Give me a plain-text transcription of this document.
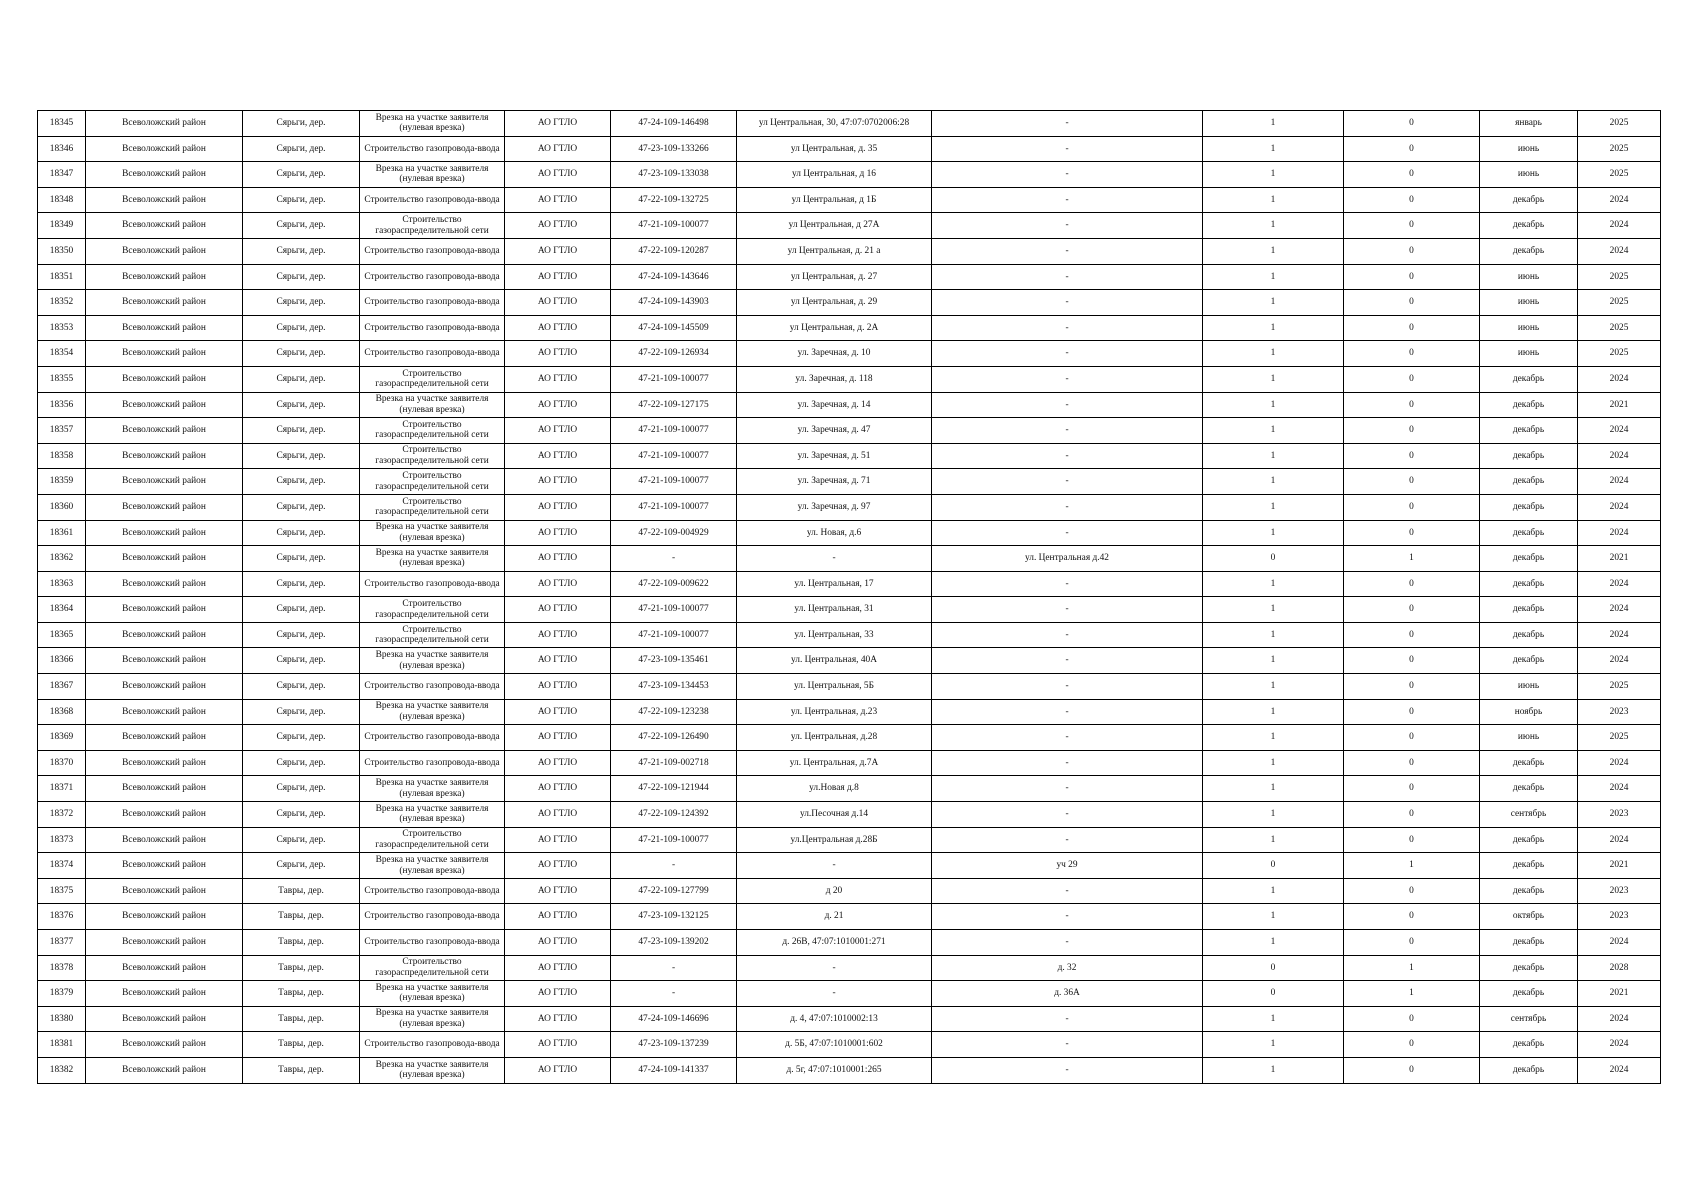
18345	Всеволожский район	Сярьги, дер.	Врезка на участке заявителя (нулевая врезка)	АО ГТЛО	47-24-109-146498	ул Центральная, 30, 47:07:0702006:28	-	1	0	январь	2025
18346	Всеволожский район	Сярьги, дер.	Строительство газопровода-ввода	АО ГТЛО	47-23-109-133266	ул Центральная, д. 35	-	1	0	июнь	2025
18347	Всеволожский район	Сярьги, дер.	Врезка на участке заявителя (нулевая врезка)	АО ГТЛО	47-23-109-133038	ул Центральная, д 16	-	1	0	июнь	2025
18348	Всеволожский район	Сярьги, дер.	Строительство газопровода-ввода	АО ГТЛО	47-22-109-132725	ул Центральная, д 1Б	-	1	0	декабрь	2024
18349	Всеволожский район	Сярьги, дер.	Строительство газораспределительной сети	АО ГТЛО	47-21-109-100077	ул Центральная, д 27А	-	1	0	декабрь	2024
18350	Всеволожский район	Сярьги, дер.	Строительство газопровода-ввода	АО ГТЛО	47-22-109-120287	ул Центральная, д. 21 а	-	1	0	декабрь	2024
18351	Всеволожский район	Сярьги, дер.	Строительство газопровода-ввода	АО ГТЛО	47-24-109-143646	ул Центральная, д. 27	-	1	0	июнь	2025
18352	Всеволожский район	Сярьги, дер.	Строительство газопровода-ввода	АО ГТЛО	47-24-109-143903	ул Центральная, д. 29	-	1	0	июнь	2025
18353	Всеволожский район	Сярьги, дер.	Строительство газопровода-ввода	АО ГТЛО	47-24-109-145509	ул Центральная, д. 2А	-	1	0	июнь	2025
18354	Всеволожский район	Сярьги, дер.	Строительство газопровода-ввода	АО ГТЛО	47-22-109-126934	ул. Заречная, д. 10	-	1	0	июнь	2025
18355	Всеволожский район	Сярьги, дер.	Строительство газораспределительной сети	АО ГТЛО	47-21-109-100077	ул. Заречная, д. 118	-	1	0	декабрь	2024
18356	Всеволожский район	Сярьги, дер.	Врезка на участке заявителя (нулевая врезка)	АО ГТЛО	47-22-109-127175	ул. Заречная, д. 14	-	1	0	декабрь	2021
18357	Всеволожский район	Сярьги, дер.	Строительство газораспределительной сети	АО ГТЛО	47-21-109-100077	ул. Заречная, д. 47	-	1	0	декабрь	2024
18358	Всеволожский район	Сярьги, дер.	Строительство газораспределительной сети	АО ГТЛО	47-21-109-100077	ул. Заречная, д. 51	-	1	0	декабрь	2024
18359	Всеволожский район	Сярьги, дер.	Строительство газораспределительной сети	АО ГТЛО	47-21-109-100077	ул. Заречная, д. 71	-	1	0	декабрь	2024
18360	Всеволожский район	Сярьги, дер.	Строительство газораспределительной сети	АО ГТЛО	47-21-109-100077	ул. Заречная, д. 97	-	1	0	декабрь	2024
18361	Всеволожский район	Сярьги, дер.	Врезка на участке заявителя (нулевая врезка)	АО ГТЛО	47-22-109-004929	ул. Новая, д.6	-	1	0	декабрь	2024
18362	Всеволожский район	Сярьги, дер.	Врезка на участке заявителя (нулевая врезка)	АО ГТЛО	-	-	ул. Центральная д.42	0	1	декабрь	2021
18363	Всеволожский район	Сярьги, дер.	Строительство газопровода-ввода	АО ГТЛО	47-22-109-009622	ул. Центральная, 17	-	1	0	декабрь	2024
18364	Всеволожский район	Сярьги, дер.	Строительство газораспределительной сети	АО ГТЛО	47-21-109-100077	ул. Центральная, 31	-	1	0	декабрь	2024
18365	Всеволожский район	Сярьги, дер.	Строительство газораспределительной сети	АО ГТЛО	47-21-109-100077	ул. Центральная, 33	-	1	0	декабрь	2024
18366	Всеволожский район	Сярьги, дер.	Врезка на участке заявителя (нулевая врезка)	АО ГТЛО	47-23-109-135461	ул. Центральная, 40А	-	1	0	декабрь	2024
18367	Всеволожский район	Сярьги, дер.	Строительство газопровода-ввода	АО ГТЛО	47-23-109-134453	ул. Центральная, 5Б	-	1	0	июнь	2025
18368	Всеволожский район	Сярьги, дер.	Врезка на участке заявителя (нулевая врезка)	АО ГТЛО	47-22-109-123238	ул. Центральная, д.23	-	1	0	ноябрь	2023
18369	Всеволожский район	Сярьги, дер.	Строительство газопровода-ввода	АО ГТЛО	47-22-109-126490	ул. Центральная, д.28	-	1	0	июнь	2025
18370	Всеволожский район	Сярьги, дер.	Строительство газопровода-ввода	АО ГТЛО	47-21-109-002718	ул. Центральная, д.7А	-	1	0	декабрь	2024
18371	Всеволожский район	Сярьги, дер.	Врезка на участке заявителя (нулевая врезка)	АО ГТЛО	47-22-109-121944	ул.Новая д.8	-	1	0	декабрь	2024
18372	Всеволожский район	Сярьги, дер.	Врезка на участке заявителя (нулевая врезка)	АО ГТЛО	47-22-109-124392	ул.Песочная д.14	-	1	0	сентябрь	2023
18373	Всеволожский район	Сярьги, дер.	Строительство газораспределительной сети	АО ГТЛО	47-21-109-100077	ул.Центральная д.28Б	-	1	0	декабрь	2024
18374	Всеволожский район	Сярьги, дер.	Врезка на участке заявителя (нулевая врезка)	АО ГТЛО	-	-	уч 29	0	1	декабрь	2021
18375	Всеволожский район	Тавры, дер.	Строительство газопровода-ввода	АО ГТЛО	47-22-109-127799	д 20	-	1	0	декабрь	2023
18376	Всеволожский район	Тавры, дер.	Строительство газопровода-ввода	АО ГТЛО	47-23-109-132125	д. 21	-	1	0	октябрь	2023
18377	Всеволожский район	Тавры, дер.	Строительство газопровода-ввода	АО ГТЛО	47-23-109-139202	д. 26В, 47:07:1010001:271	-	1	0	декабрь	2024
18378	Всеволожский район	Тавры, дер.	Строительство газораспределительной сети	АО ГТЛО	-	-	д. 32	0	1	декабрь	2028
18379	Всеволожский район	Тавры, дер.	Врезка на участке заявителя (нулевая врезка)	АО ГТЛО	-	-	д. 36А	0	1	декабрь	2021
18380	Всеволожский район	Тавры, дер.	Врезка на участке заявителя (нулевая врезка)	АО ГТЛО	47-24-109-146696	д. 4, 47:07:1010002:13	-	1	0	сентябрь	2024
18381	Всеволожский район	Тавры, дер.	Строительство газопровода-ввода	АО ГТЛО	47-23-109-137239	д. 5Б, 47:07:1010001:602	-	1	0	декабрь	2024
18382	Всеволожский район	Тавры, дер.	Врезка на участке заявителя (нулевая врезка)	АО ГТЛО	47-24-109-141337	д. 5г, 47:07:1010001:265	-	1	0	декабрь	2024
